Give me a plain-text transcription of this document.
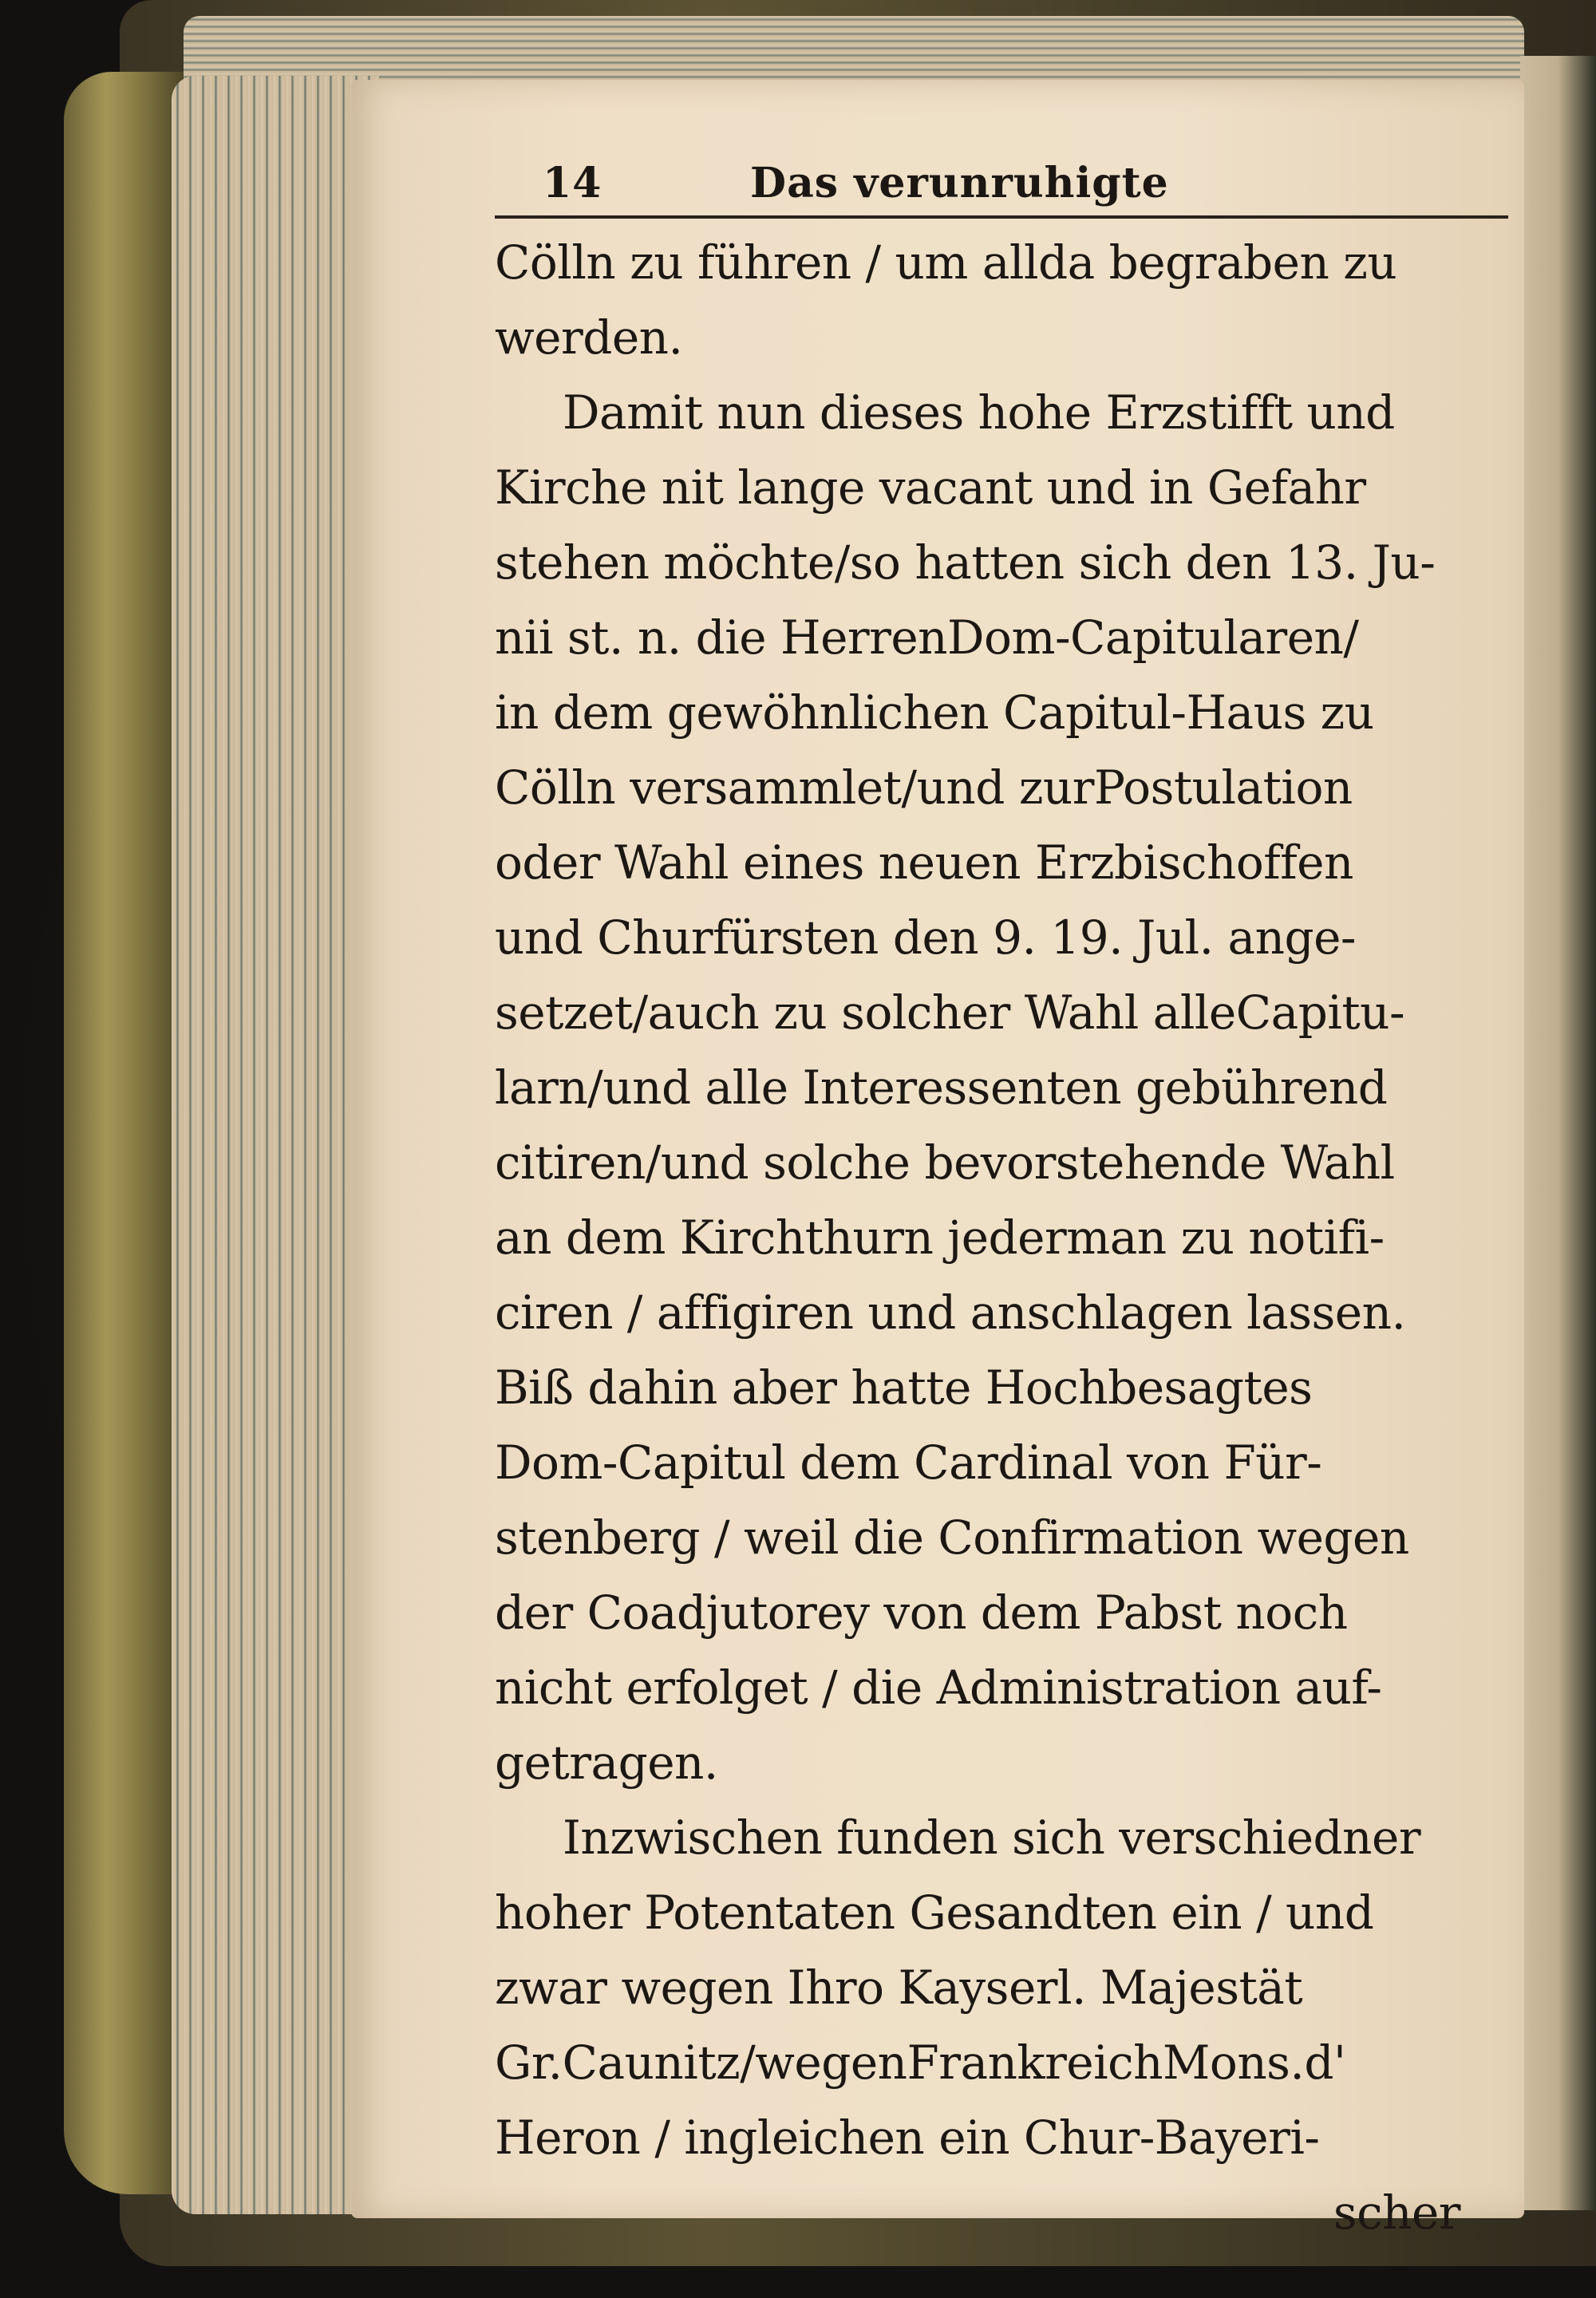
14	Das verunruhigte
Cölln zu führen / um allda begraben zu
werden.
Damit nun dieses hohe Erzstifft und
Kirche nit lange vacant und in Gefahr
stehen möchte/so hatten sich den 13. Ju-
nii st. n. die HerrenDom-Capitularen/
in dem gewöhnlichen Capitul-Haus zu
Cölln versammlet/und zurPostulation
oder Wahl eines neuen Erzbischoffen
und Churfürsten den 9. 19. Jul. ange-
setzet/auch zu solcher Wahl alleCapitu-
larn/und alle Interessenten gebührend
citiren/und solche bevorstehende Wahl
an dem Kirchthurn jederman zu notifi-
ciren / affigiren und anschlagen lassen.
Biß dahin aber hatte Hochbesagtes
Dom-Capitul dem Cardinal von Für-
stenberg / weil die Confirmation wegen
der Coadjutorey von dem Pabst noch
nicht erfolget / die Administration auf-
getragen.
Inzwischen funden sich verschiedner
hoher Potentaten Gesandten ein / und
zwar wegen Ihro Kayserl. Majestät
Gr.Caunitz/wegenFrankreichMons.d'
Heron / ingleichen ein Chur-Bayeri-
scher
